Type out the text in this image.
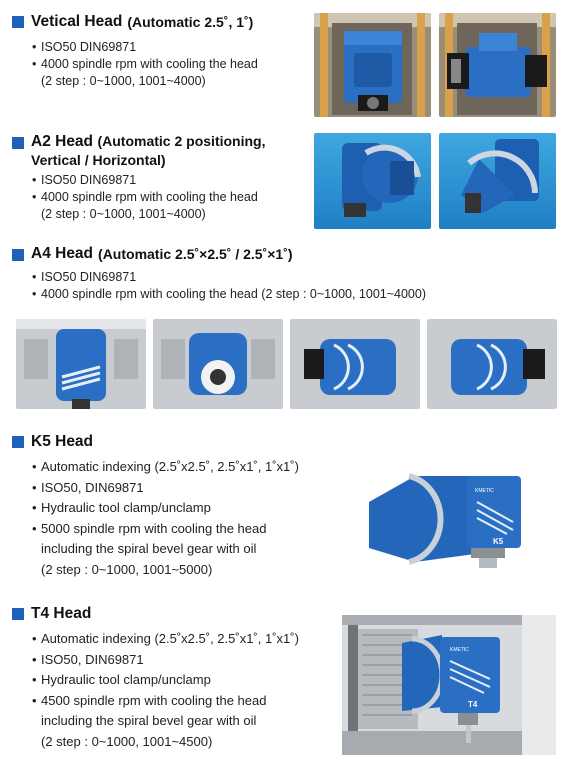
Vetical Head (Automatic 2.5˚, 1˚)
• ISO50 DIN69871
• 4000 spindle rpm with cooling the head
(2 step : 0~1000, 1001~4000)
A2 Head (Automatic 2 positioning,
Vertical / Horizontal)
• ISO50 DIN69871
• 4000 spindle rpm with cooling the head
(2 step : 0~1000, 1001~4000)
A4 Head (Automatic 2.5˚×2.5˚ / 2.5˚×1˚)
• ISO50 DIN69871
• 4000 spindle rpm with cooling the head (2 step : 0~1000, 1001~4000)
K5 Head
• Automatic indexing (2.5˚x2.5˚, 2.5˚x1˚, 1˚x1˚)
• ISO50, DIN69871
• Hydraulic tool clamp/unclamp
• 5000 spindle rpm with cooling the head
including the spiral bevel gear with oil
(2 step : 0~1000, 1001~5000)
KMETIC
K5
T4 Head
• Automatic indexing (2.5˚x2.5˚, 2.5˚x1˚, 1˚x1˚)
• ISO50, DIN69871
• Hydraulic tool clamp/unclamp
• 4500 spindle rpm with cooling the head
including the spiral bevel gear with oil
(2 step : 0~1000, 1001~4500)
KMETIC
T4
